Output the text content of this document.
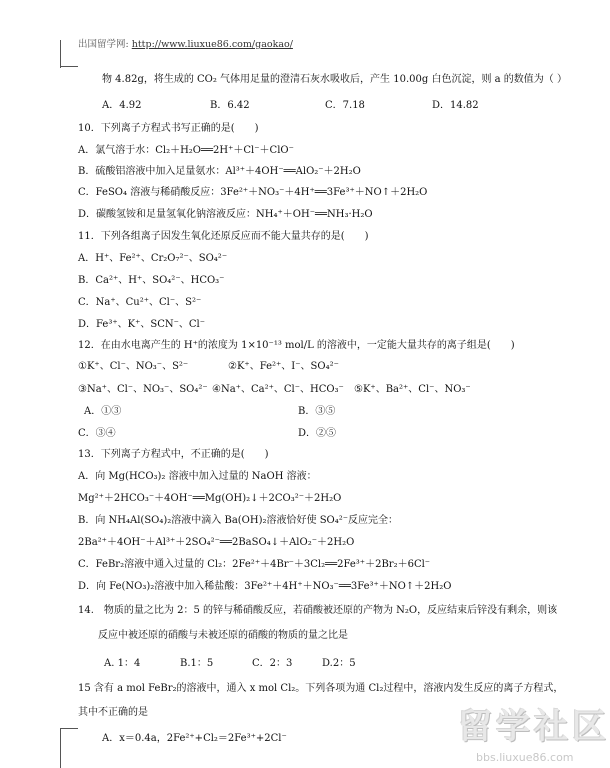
出国留学网: http://www.liuxue86.com/gaokao/
物 4.82g，将生成的 CO₂ 气体用足量的澄清石灰水吸收后，产生 10.00g 白色沉淀，则 a 的数值为（ ）
A．4.92	B．6.42	C．7.18	D．14.82
10．下列离子方程式书写正确的是(　　)
A．氯气溶于水：Cl₂＋H₂O══2H⁺＋Cl⁻＋ClO⁻
B．硫酸铝溶液中加入足量氨水：Al³⁺＋4OH⁻══AlO₂⁻＋2H₂O
C．FeSO₄ 溶液与稀硝酸反应：3Fe²⁺＋NO₃⁻＋4H⁺══3Fe³⁺＋NO↑＋2H₂O
D．碳酸氢铵和足量氢氧化钠溶液反应：NH₄⁺＋OH⁻══NH₃·H₂O
11．下列各组离子因发生氧化还原反应而不能大量共存的是(　　)
A．H⁺、Fe²⁺、Cr₂O₇²⁻、SO₄²⁻
B．Ca²⁺、H⁺、SO₄²⁻、HCO₃⁻
C．Na⁺、Cu²⁺、Cl⁻、S²⁻
D．Fe³⁺、K⁺、SCN⁻、Cl⁻
12．在由水电离产生的 H⁺的浓度为 1×10⁻¹³ mol/L 的溶液中，一定能大量共存的离子组是(　　)
①K⁺、Cl⁻、NO₃⁻、S²⁻	②K⁺、Fe²⁺、I⁻、SO₄²⁻
③Na⁺、Cl⁻、NO₃⁻、SO₄²⁻ ④Na⁺、Ca²⁺、Cl⁻、HCO₃⁻ ⑤K⁺、Ba²⁺、Cl⁻、NO₃⁻
A．①③	B．③⑤
C．③④	D．②⑤
13．下列离子方程式中，不正确的是(　　)
A．向 Mg(HCO₃)₂ 溶液中加入过量的 NaOH 溶液：
Mg²⁺＋2HCO₃⁻＋4OH⁻══Mg(OH)₂↓＋2CO₃²⁻＋2H₂O
B．向 NH₄Al(SO₄)₂溶液中滴入 Ba(OH)₂溶液恰好使 SO₄²⁻反应完全：
2Ba²⁺＋4OH⁻＋Al³⁺＋2SO₄²⁻══2BaSO₄↓＋AlO₂⁻＋2H₂O
C．FeBr₂溶液中通入过量的 Cl₂：2Fe²⁺＋4Br⁻＋3Cl₂══2Fe³⁺＋2Br₂＋6Cl⁻
D．向 Fe(NO₃)₂溶液中加入稀盐酸：3Fe²⁺＋4H⁺＋NO₃⁻══3Fe³⁺＋NO↑＋2H₂O
14.　物质的量之比为 2：5 的锌与稀硝酸反应，若硝酸被还原的产物为 N₂O，反应结束后锌没有剩余，则该
反应中被还原的硝酸与未被还原的硝酸的物质的量之比是
A. 1：4	B.1：5	C．2：3	D.2：5
15 含有 a mol FeBr₂的溶液中，通入 x mol Cl₂。下列各项为通 Cl₂过程中，溶液内发生反应的离子方程式，
其中不正确的是
A．x＝0.4a，2Fe²⁺+Cl₂＝2Fe³⁺+2Cl⁻	留学社区
bbs.liuxue86.com
